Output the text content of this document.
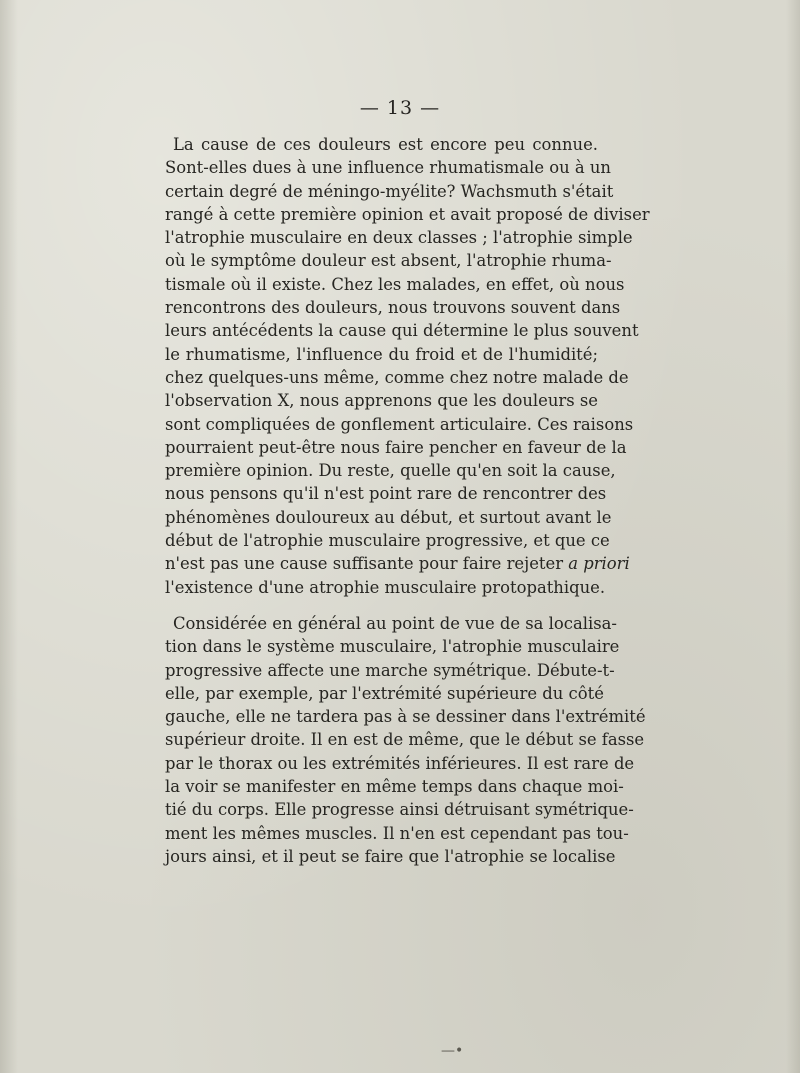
— 13 —
La cause de ces douleurs est encore peu connue.
Sont-elles dues à une influence rhumatismale ou à un
certain degré de méningo-myélite? Wachsmuth s'était
rangé à cette première opinion et avait proposé de diviser
l'atrophie musculaire en deux classes ; l'atrophie simple
où le symptôme douleur est absent, l'atrophie rhuma-
tismale où il existe. Chez les malades, en effet, où nous
rencontrons des douleurs, nous trouvons souvent dans
leurs antécédents la cause qui détermine le plus souvent
le rhumatisme, l'influence du froid et de l'humidité;
chez quelques-uns même, comme chez notre malade de
l'observation X, nous apprenons que les douleurs se
sont compliquées de gonflement articulaire. Ces raisons
pourraient peut-être nous faire pencher en faveur de la
première opinion. Du reste, quelle qu'en soit la cause,
nous pensons qu'il n'est point rare de rencontrer des
phénomènes douloureux au début, et surtout avant le
début de l'atrophie musculaire progressive, et que ce
n'est pas une cause suffisante pour faire rejeter a priori
l'existence d'une atrophie musculaire protopathique.
Considérée en général au point de vue de sa localisa-
tion dans le système musculaire, l'atrophie musculaire
progressive affecte une marche symétrique. Débute-t-
elle, par exemple, par l'extrémité supérieure du côté
gauche, elle ne tardera pas à se dessiner dans l'extrémité
supérieur droite. Il en est de même, que le début se fasse
par le thorax ou les extrémités inférieures. Il est rare de
la voir se manifester en même temps dans chaque moi-
tié du corps. Elle progresse ainsi détruisant symétrique-
ment les mêmes muscles. Il n'en est cependant pas tou-
jours ainsi, et il peut se faire que l'atrophie se localise
—•
